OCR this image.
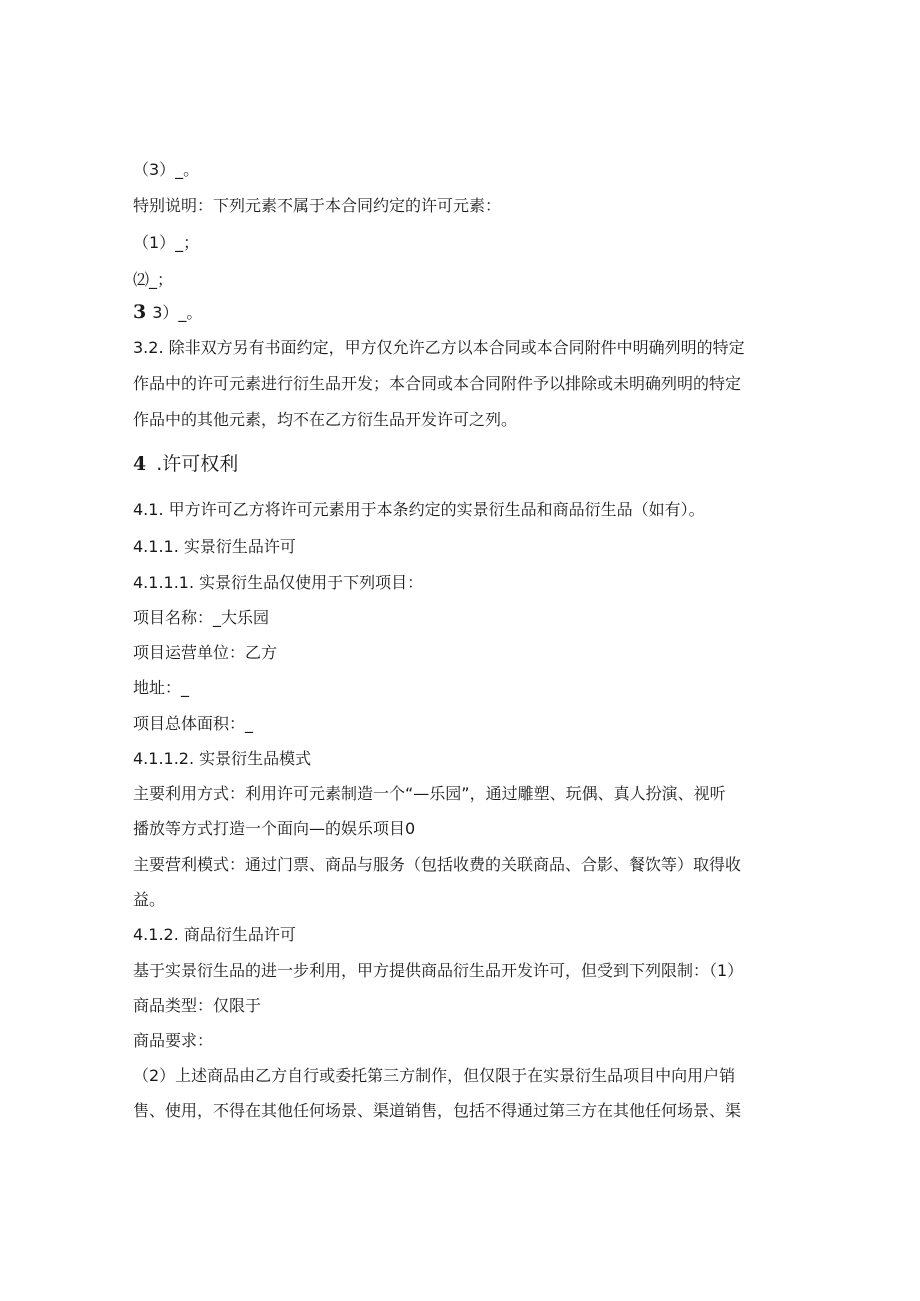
（3）_。
特别说明：下列元素不属于本合同约定的许可元素：
（1）_；
⑵_；
3 3）_。
3.2. 除非双方另有书面约定，甲方仅允许乙方以本合同或本合同附件中明确列明的特定
作品中的许可元素进行衍生品开发；本合同或本合同附件予以排除或未明确列明的特定
作品中的其他元素，均不在乙方衍生品开发许可之列。
4 .许可权利
4.1. 甲方许可乙方将许可元素用于本条约定的实景衍生品和商品衍生品（如有）。
4.1.1. 实景衍生品许可
4.1.1.1. 实景衍生品仅使用于下列项目：
项目名称：_大乐园
项目运营单位：乙方
地址：_
项目总体面积：_
4.1.1.2. 实景衍生品模式
主要利用方式：利用许可元素制造一个“—乐园”，通过雕塑、玩偶、真人扮演、视听
播放等方式打造一个面向—的娱乐项目0
主要营利模式：通过门票、商品与服务（包括收费的关联商品、合影、餐饮等）取得收
益。
4.1.2. 商品衍生品许可
基于实景衍生品的进一步利用，甲方提供商品衍生品开发许可，但受到下列限制：（1）
商品类型：仅限于
商品要求：
（2）上述商品由乙方自行或委托第三方制作，但仅限于在实景衍生品项目中向用户销
售、使用，不得在其他任何场景、渠道销售，包括不得通过第三方在其他任何场景、渠
